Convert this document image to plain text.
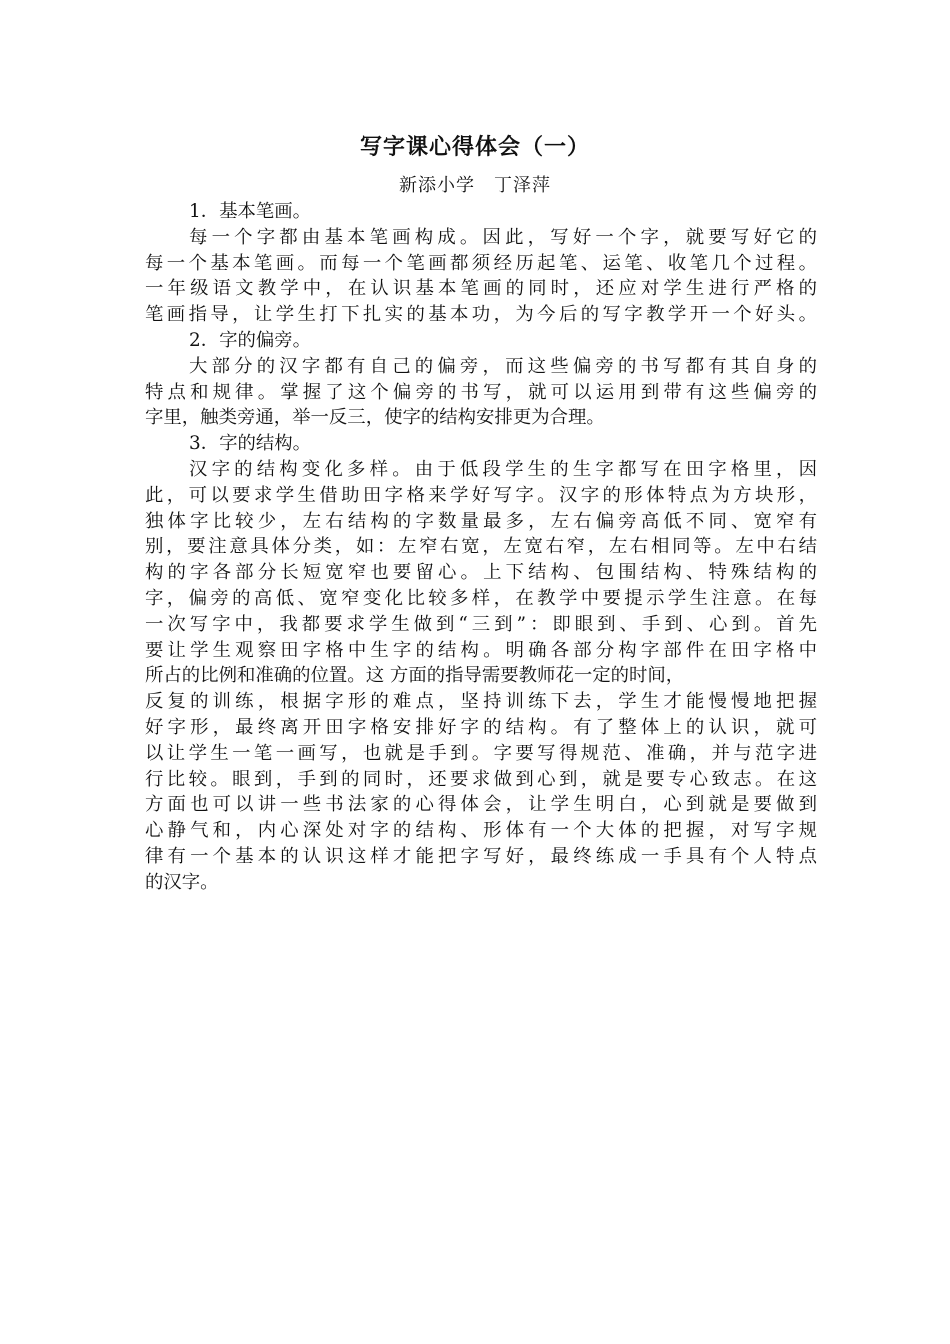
写字课心得体会（一）
新添小学　丁泽萍
1．基本笔画。
每一个字都由基本笔画构成。因此，写好一个字，就要写好它的
每一个基本笔画。而每一个笔画都须经历起笔、运笔、收笔几个过程。
一年级语文教学中，在认识基本笔画的同时，还应对学生进行严格的
笔画指导，让学生打下扎实的基本功，为今后的写字教学开一个好头。
2．字的偏旁。
大部分的汉字都有自己的偏旁，而这些偏旁的书写都有其自身的
特点和规律。掌握了这个偏旁的书写，就可以运用到带有这些偏旁的
字里，触类旁通，举一反三，使字的结构安排更为合理。
3．字的结构。
汉字的结构变化多样。由于低段学生的生字都写在田字格里，因
此，可以要求学生借助田字格来学好写字。汉字的形体特点为方块形，
独体字比较少，左右结构的字数量最多，左右偏旁高低不同、宽窄有
别，要注意具体分类，如：左窄右宽，左宽右窄，左右相同等。左中右结
构的字各部分长短宽窄也要留心。上下结构、包围结构、特殊结构的
字，偏旁的高低、宽窄变化比较多样，在教学中要提示学生注意。在每
一次写字中，我都要求学生做到“三到”：即眼到、手到、心到。首先
要让学生观察田字格中生字的结构。明确各部分构字部件在田字格中
所占的比例和准确的位置。这 方面的指导需要教师花一定的时间，
反复的训练，根据字形的难点，坚持训练下去，学生才能慢慢地把握
好字形，最终离开田字格安排好字的结构。有了整体上的认识，就可
以让学生一笔一画写，也就是手到。字要写得规范、准确，并与范字进
行比较。眼到，手到的同时，还要求做到心到，就是要专心致志。在这
方面也可以讲一些书法家的心得体会，让学生明白，心到就是要做到
心静气和，内心深处对字的结构、形体有一个大体的把握，对写字规
律有一个基本的认识这样才能把字写好，最终练成一手具有个人特点
的汉字。
